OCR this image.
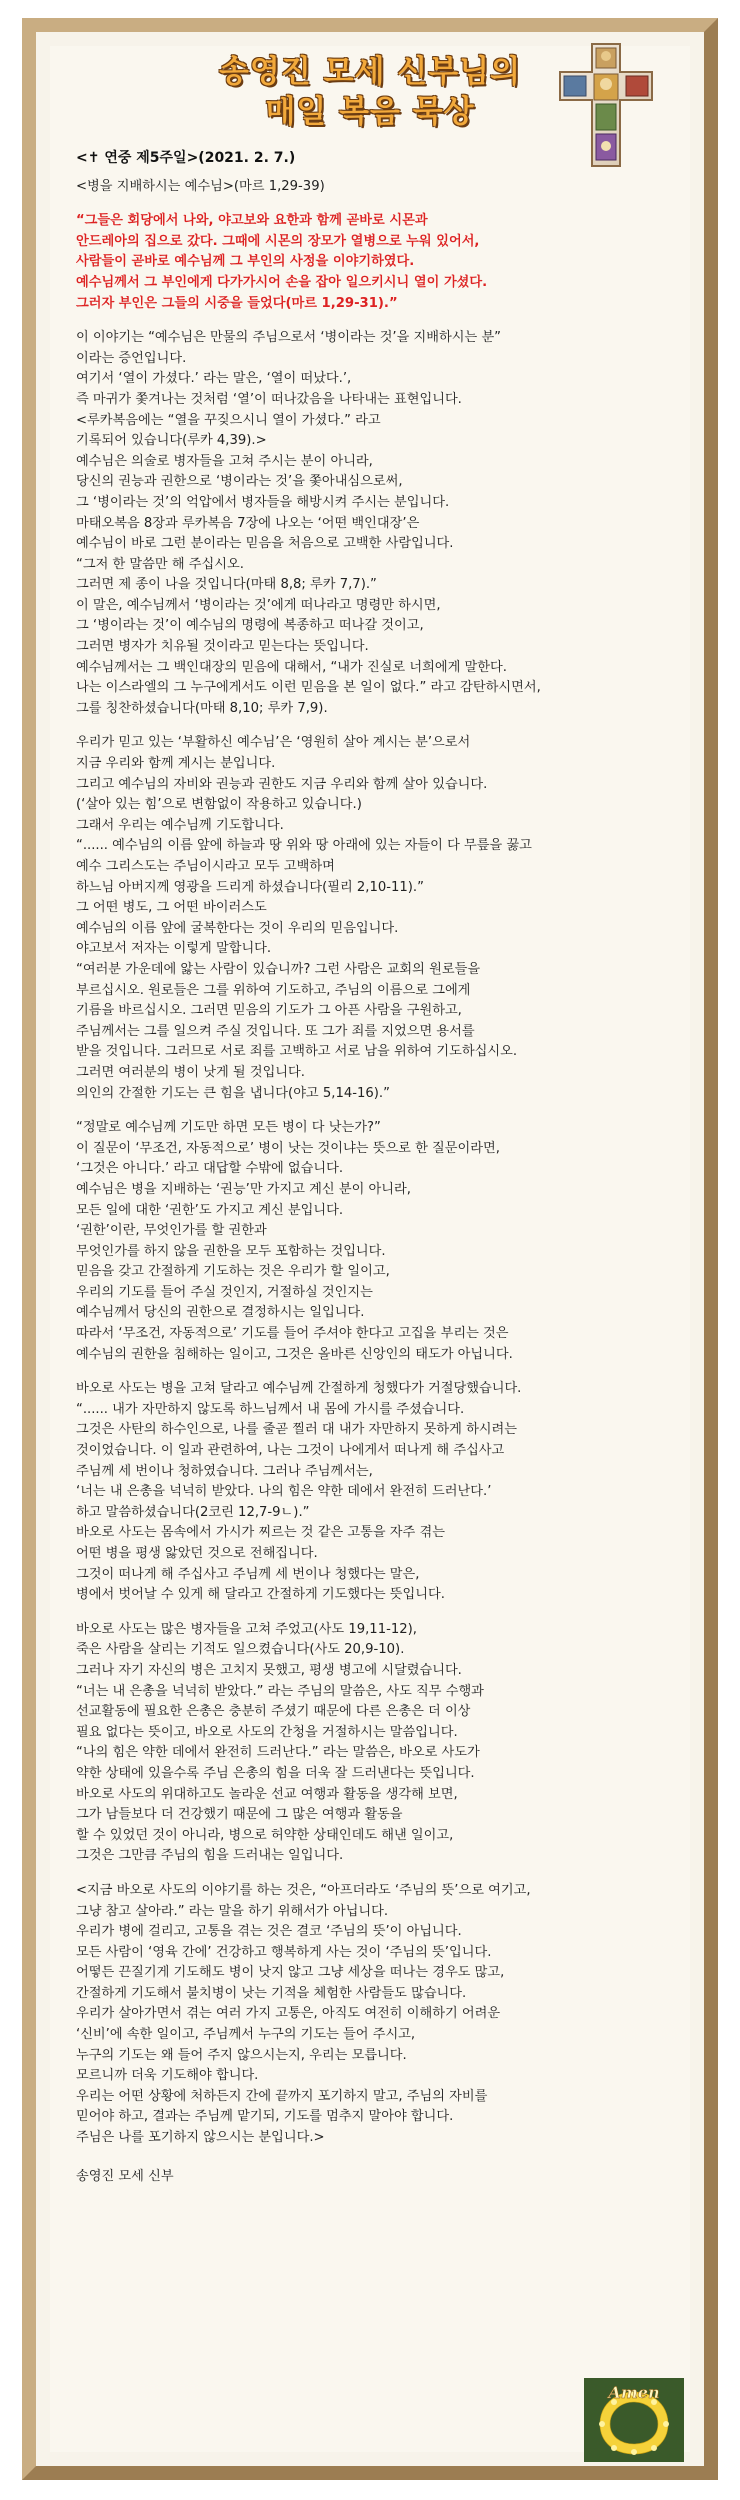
송영진 모세 신부님의
매일 복음 묵상

<✝ 연중 제5주일>(2021. 2. 7.)

<병을 지배하시는 예수님>(마르 1,29-39)

“그들은 회당에서 나와, 야고보와 요한과 함께 곧바로 시몬과
안드레아의 집으로 갔다. 그때에 시몬의 장모가 열병으로 누워 있어서,
사람들이 곧바로 예수님께 그 부인의 사정을 이야기하였다.
예수님께서 그 부인에게 다가가시어 손을 잡아 일으키시니 열이 가셨다.
그러자 부인은 그들의 시중을 들었다(마르 1,29-31).”

이 이야기는 “예수님은 만물의 주님으로서 ‘병이라는 것’을 지배하시는 분”
이라는 증언입니다.
여기서 ‘열이 가셨다.’ 라는 말은, ‘열이 떠났다.’,
즉 마귀가 쫓겨나는 것처럼 ‘열’이 떠나갔음을 나타내는 표현입니다.
<루카복음에는 “열을 꾸짖으시니 열이 가셨다.” 라고
기록되어 있습니다(루카 4,39).>
예수님은 의술로 병자들을 고쳐 주시는 분이 아니라,
당신의 권능과 권한으로 ‘병이라는 것’을 쫓아내심으로써,
그 ‘병이라는 것’의 억압에서 병자들을 해방시켜 주시는 분입니다.
마태오복음 8장과 루카복음 7장에 나오는 ‘어떤 백인대장’은
예수님이 바로 그런 분이라는 믿음을 처음으로 고백한 사람입니다.
“그저 한 말씀만 해 주십시오.
그러면 제 종이 나을 것입니다(마태 8,8; 루카 7,7).”
이 말은, 예수님께서 ‘병이라는 것’에게 떠나라고 명령만 하시면,
그 ‘병이라는 것’이 예수님의 명령에 복종하고 떠나갈 것이고,
그러면 병자가 치유될 것이라고 믿는다는 뜻입니다.
예수님께서는 그 백인대장의 믿음에 대해서, “내가 진실로 너희에게 말한다.
나는 이스라엘의 그 누구에게서도 이런 믿음을 본 일이 없다.” 라고 감탄하시면서,
그를 칭찬하셨습니다(마태 8,10; 루카 7,9).

우리가 믿고 있는 ‘부활하신 예수님’은 ‘영원히 살아 계시는 분’으로서
지금 우리와 함께 계시는 분입니다.
그리고 예수님의 자비와 권능과 권한도 지금 우리와 함께 살아 있습니다.
(‘살아 있는 힘’으로 변함없이 작용하고 있습니다.)
그래서 우리는 예수님께 기도합니다.
“...... 예수님의 이름 앞에 하늘과 땅 위와 땅 아래에 있는 자들이 다 무릎을 꿇고
예수 그리스도는 주님이시라고 모두 고백하며
하느님 아버지께 영광을 드리게 하셨습니다(필리 2,10-11).”
그 어떤 병도, 그 어떤 바이러스도
예수님의 이름 앞에 굴복한다는 것이 우리의 믿음입니다.
야고보서 저자는 이렇게 말합니다.
“여러분 가운데에 앓는 사람이 있습니까? 그런 사람은 교회의 원로들을
부르십시오. 원로들은 그를 위하여 기도하고, 주님의 이름으로 그에게
기름을 바르십시오. 그러면 믿음의 기도가 그 아픈 사람을 구원하고,
주님께서는 그를 일으켜 주실 것입니다. 또 그가 죄를 지었으면 용서를
받을 것입니다. 그러므로 서로 죄를 고백하고 서로 남을 위하여 기도하십시오.
그러면 여러분의 병이 낫게 될 것입니다.
의인의 간절한 기도는 큰 힘을 냅니다(야고 5,14-16).”

“정말로 예수님께 기도만 하면 모든 병이 다 낫는가?”
이 질문이 ‘무조건, 자동적으로’ 병이 낫는 것이냐는 뜻으로 한 질문이라면,
‘그것은 아니다.’ 라고 대답할 수밖에 없습니다.
예수님은 병을 지배하는 ‘권능’만 가지고 계신 분이 아니라,
모든 일에 대한 ‘권한’도 가지고 계신 분입니다.
‘권한’이란, 무엇인가를 할 권한과
무엇인가를 하지 않을 권한을 모두 포함하는 것입니다.
믿음을 갖고 간절하게 기도하는 것은 우리가 할 일이고,
우리의 기도를 들어 주실 것인지, 거절하실 것인지는
예수님께서 당신의 권한으로 결정하시는 일입니다.
따라서 ‘무조건, 자동적으로’ 기도를 들어 주셔야 한다고 고집을 부리는 것은
예수님의 권한을 침해하는 일이고, 그것은 올바른 신앙인의 태도가 아닙니다.

바오로 사도는 병을 고쳐 달라고 예수님께 간절하게 청했다가 거절당했습니다.
“...... 내가 자만하지 않도록 하느님께서 내 몸에 가시를 주셨습니다.
그것은 사탄의 하수인으로, 나를 줄곧 찔러 대 내가 자만하지 못하게 하시려는
것이었습니다. 이 일과 관련하여, 나는 그것이 나에게서 떠나게 해 주십사고
주님께 세 번이나 청하였습니다. 그러나 주님께서는,
‘너는 내 은총을 넉넉히 받았다. 나의 힘은 약한 데에서 완전히 드러난다.’
하고 말씀하셨습니다(2코린 12,7-9ㄴ).”
바오로 사도는 몸속에서 가시가 찌르는 것 같은 고통을 자주 겪는
어떤 병을 평생 앓았던 것으로 전해집니다.
그것이 떠나게 해 주십사고 주님께 세 번이나 청했다는 말은,
병에서 벗어날 수 있게 해 달라고 간절하게 기도했다는 뜻입니다.

바오로 사도는 많은 병자들을 고쳐 주었고(사도 19,11-12),
죽은 사람을 살리는 기적도 일으켰습니다(사도 20,9-10).
그러나 자기 자신의 병은 고치지 못했고, 평생 병고에 시달렸습니다.
“너는 내 은총을 넉넉히 받았다.” 라는 주님의 말씀은, 사도 직무 수행과
선교활동에 필요한 은총은 충분히 주셨기 때문에 다른 은총은 더 이상
필요 없다는 뜻이고, 바오로 사도의 간청을 거절하시는 말씀입니다.
“나의 힘은 약한 데에서 완전히 드러난다.” 라는 말씀은, 바오로 사도가
약한 상태에 있을수록 주님 은총의 힘을 더욱 잘 드러낸다는 뜻입니다.
바오로 사도의 위대하고도 놀라운 선교 여행과 활동을 생각해 보면,
그가 남들보다 더 건강했기 때문에 그 많은 여행과 활동을
할 수 있었던 것이 아니라, 병으로 허약한 상태인데도 해낸 일이고,
그것은 그만큼 주님의 힘을 드러내는 일입니다.

<지금 바오로 사도의 이야기를 하는 것은, “아프더라도 ‘주님의 뜻’으로 여기고,
그냥 참고 살아라.” 라는 말을 하기 위해서가 아닙니다.
우리가 병에 걸리고, 고통을 겪는 것은 결코 ‘주님의 뜻’이 아닙니다.
모든 사람이 ‘영육 간에’ 건강하고 행복하게 사는 것이 ‘주님의 뜻’입니다.
어떻든 끈질기게 기도해도 병이 낫지 않고 그냥 세상을 떠나는 경우도 많고,
간절하게 기도해서 불치병이 낫는 기적을 체험한 사람들도 많습니다.
우리가 살아가면서 겪는 여러 가지 고통은, 아직도 여전히 이해하기 어려운
‘신비’에 속한 일이고, 주님께서 누구의 기도는 들어 주시고,
누구의 기도는 왜 들어 주지 않으시는지, 우리는 모릅니다.
모르니까 더욱 기도해야 합니다.
우리는 어떤 상황에 처하든지 간에 끝까지 포기하지 말고, 주님의 자비를
믿어야 하고, 결과는 주님께 맡기되, 기도를 멈추지 말아야 합니다.
주님은 나를 포기하지 않으시는 분입니다.>

송영진 모세 신부

Amen
